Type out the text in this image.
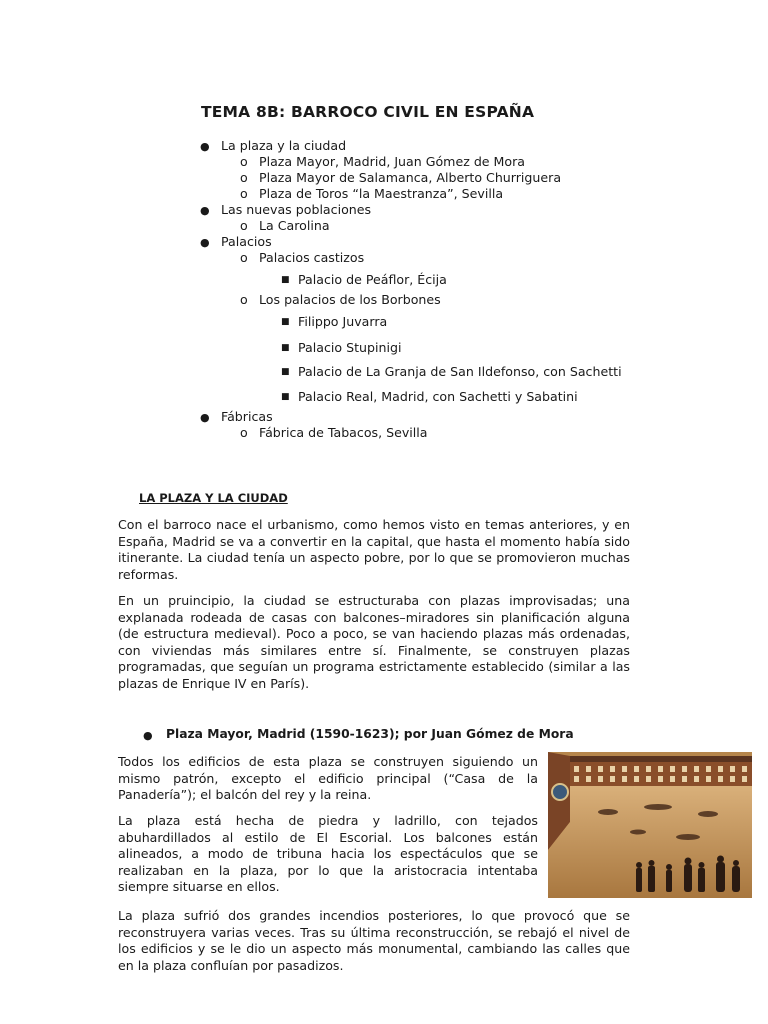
TEMA 8B: BARROCO CIVIL EN ESPAÑA
● La plaza y la ciudad
o Plaza Mayor, Madrid, Juan Gómez de Mora
o Plaza Mayor de Salamanca, Alberto Churriguera
o Plaza de Toros “la Maestranza”, Sevilla
● Las nuevas poblaciones
o La Carolina
● Palacios
o Palacios castizos
■ Palacio de Peáflor, Écija
o Los palacios de los Borbones
■ Filippo Juvarra
■ Palacio Stupinigi
■ Palacio de La Granja de San Ildefonso, con Sachetti
■ Palacio Real, Madrid, con Sachetti y Sabatini
● Fábricas
o Fábrica de Tabacos, Sevilla
LA PLAZA Y LA CIUDAD
Con el barroco nace el urbanismo, como hemos visto en temas anteriores, y en España, Madrid se va a convertir en la capital, que hasta el momento había sido itinerante. La ciudad tenía un aspecto pobre, por lo que se promovieron muchas reformas.
En un pruincipio, la ciudad se estructuraba con plazas improvisadas; una explanada rodeada de casas con balcones–miradores sin planificación alguna (de estructura medieval). Poco a poco, se van haciendo plazas más ordenadas, con viviendas más similares entre sí. Finalmente, se construyen plazas programadas, que seguían un programa estrictamente establecido (similar a las plazas de Enrique IV en París).
● Plaza Mayor, Madrid (1590-1623); por Juan Gómez de Mora
Todos los edificios de esta plaza se construyen siguiendo un mismo patrón, excepto el edificio principal (“Casa de la Panadería”); el balcón del rey y la reina.
La plaza está hecha de piedra y ladrillo, con tejados abuhardillados al estilo de El Escorial. Los balcones están alineados, a modo de tribuna hacia los espectáculos que se realizaban en la plaza, por lo que la aristocracia intentaba siempre situarse en ellos.
La plaza sufrió dos grandes incendios posteriores, lo que provocó que se reconstruyera varias veces. Tras su última reconstrucción, se rebajó el nivel de los edificios y se le dio un aspecto más monumental, cambiando las calles que en la plaza confluían por pasadizos.
